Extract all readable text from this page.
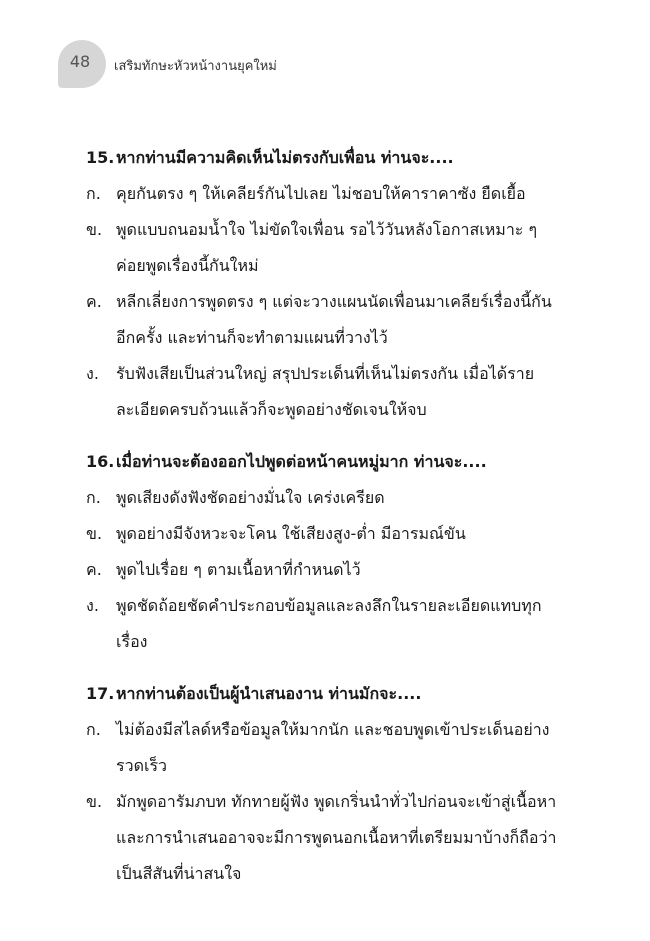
48	เสริมทักษะหัวหน้างานยุคใหม่
15. หากท่านมีความคิดเห็นไม่ตรงกับเพื่อน ท่านจะ....
ก. คุยกันตรง ๆ ให้เคลียร์กันไปเลย ไม่ชอบให้คาราคาซัง ยืดเยื้อ
ข. พูดแบบถนอมน้ำใจ ไม่ขัดใจเพื่อน รอไว้วันหลังโอกาสเหมาะ ๆ ค่อยพูดเรื่องนี้กันใหม่
ค. หลีกเลี่ยงการพูดตรง ๆ แต่จะวางแผนนัดเพื่อนมาเคลียร์เรื่องนี้กันอีกครั้ง และท่านก็จะทำตามแผนที่วางไว้
ง.	รับฟังเสียเป็นส่วนใหญ่ สรุปประเด็นที่เห็นไม่ตรงกัน เมื่อได้รายละเอียดครบถ้วนแล้วก็จะพูดอย่างชัดเจนให้จบ
16. เมื่อท่านจะต้องออกไปพูดต่อหน้าคนหมู่มาก ท่านจะ....
ก. พูดเสียงดังฟังชัดอย่างมั่นใจ เคร่งเครียด
ข. พูดอย่างมีจังหวะจะโคน ใช้เสียงสูง-ต่ำ มีอารมณ์ขัน
ค. พูดไปเรื่อย ๆ ตามเนื้อหาที่กำหนดไว้
ง.	พูดชัดถ้อยชัดคำประกอบข้อมูลและลงลึกในรายละเอียดแทบทุกเรื่อง
17. หากท่านต้องเป็นผู้นำเสนองาน ท่านมักจะ....
ก. ไม่ต้องมีสไลด์หรือข้อมูลให้มากนัก และชอบพูดเข้าประเด็นอย่างรวดเร็ว
ข. มักพูดอารัมภบท ทักทายผู้ฟัง พูดเกริ่นนำทั่วไปก่อนจะเข้าสู่เนื้อหา และการนำเสนออาจจะมีการพูดนอกเนื้อหาที่เตรียมมาบ้างก็ถือว่าเป็นสีสันที่น่าสนใจ
